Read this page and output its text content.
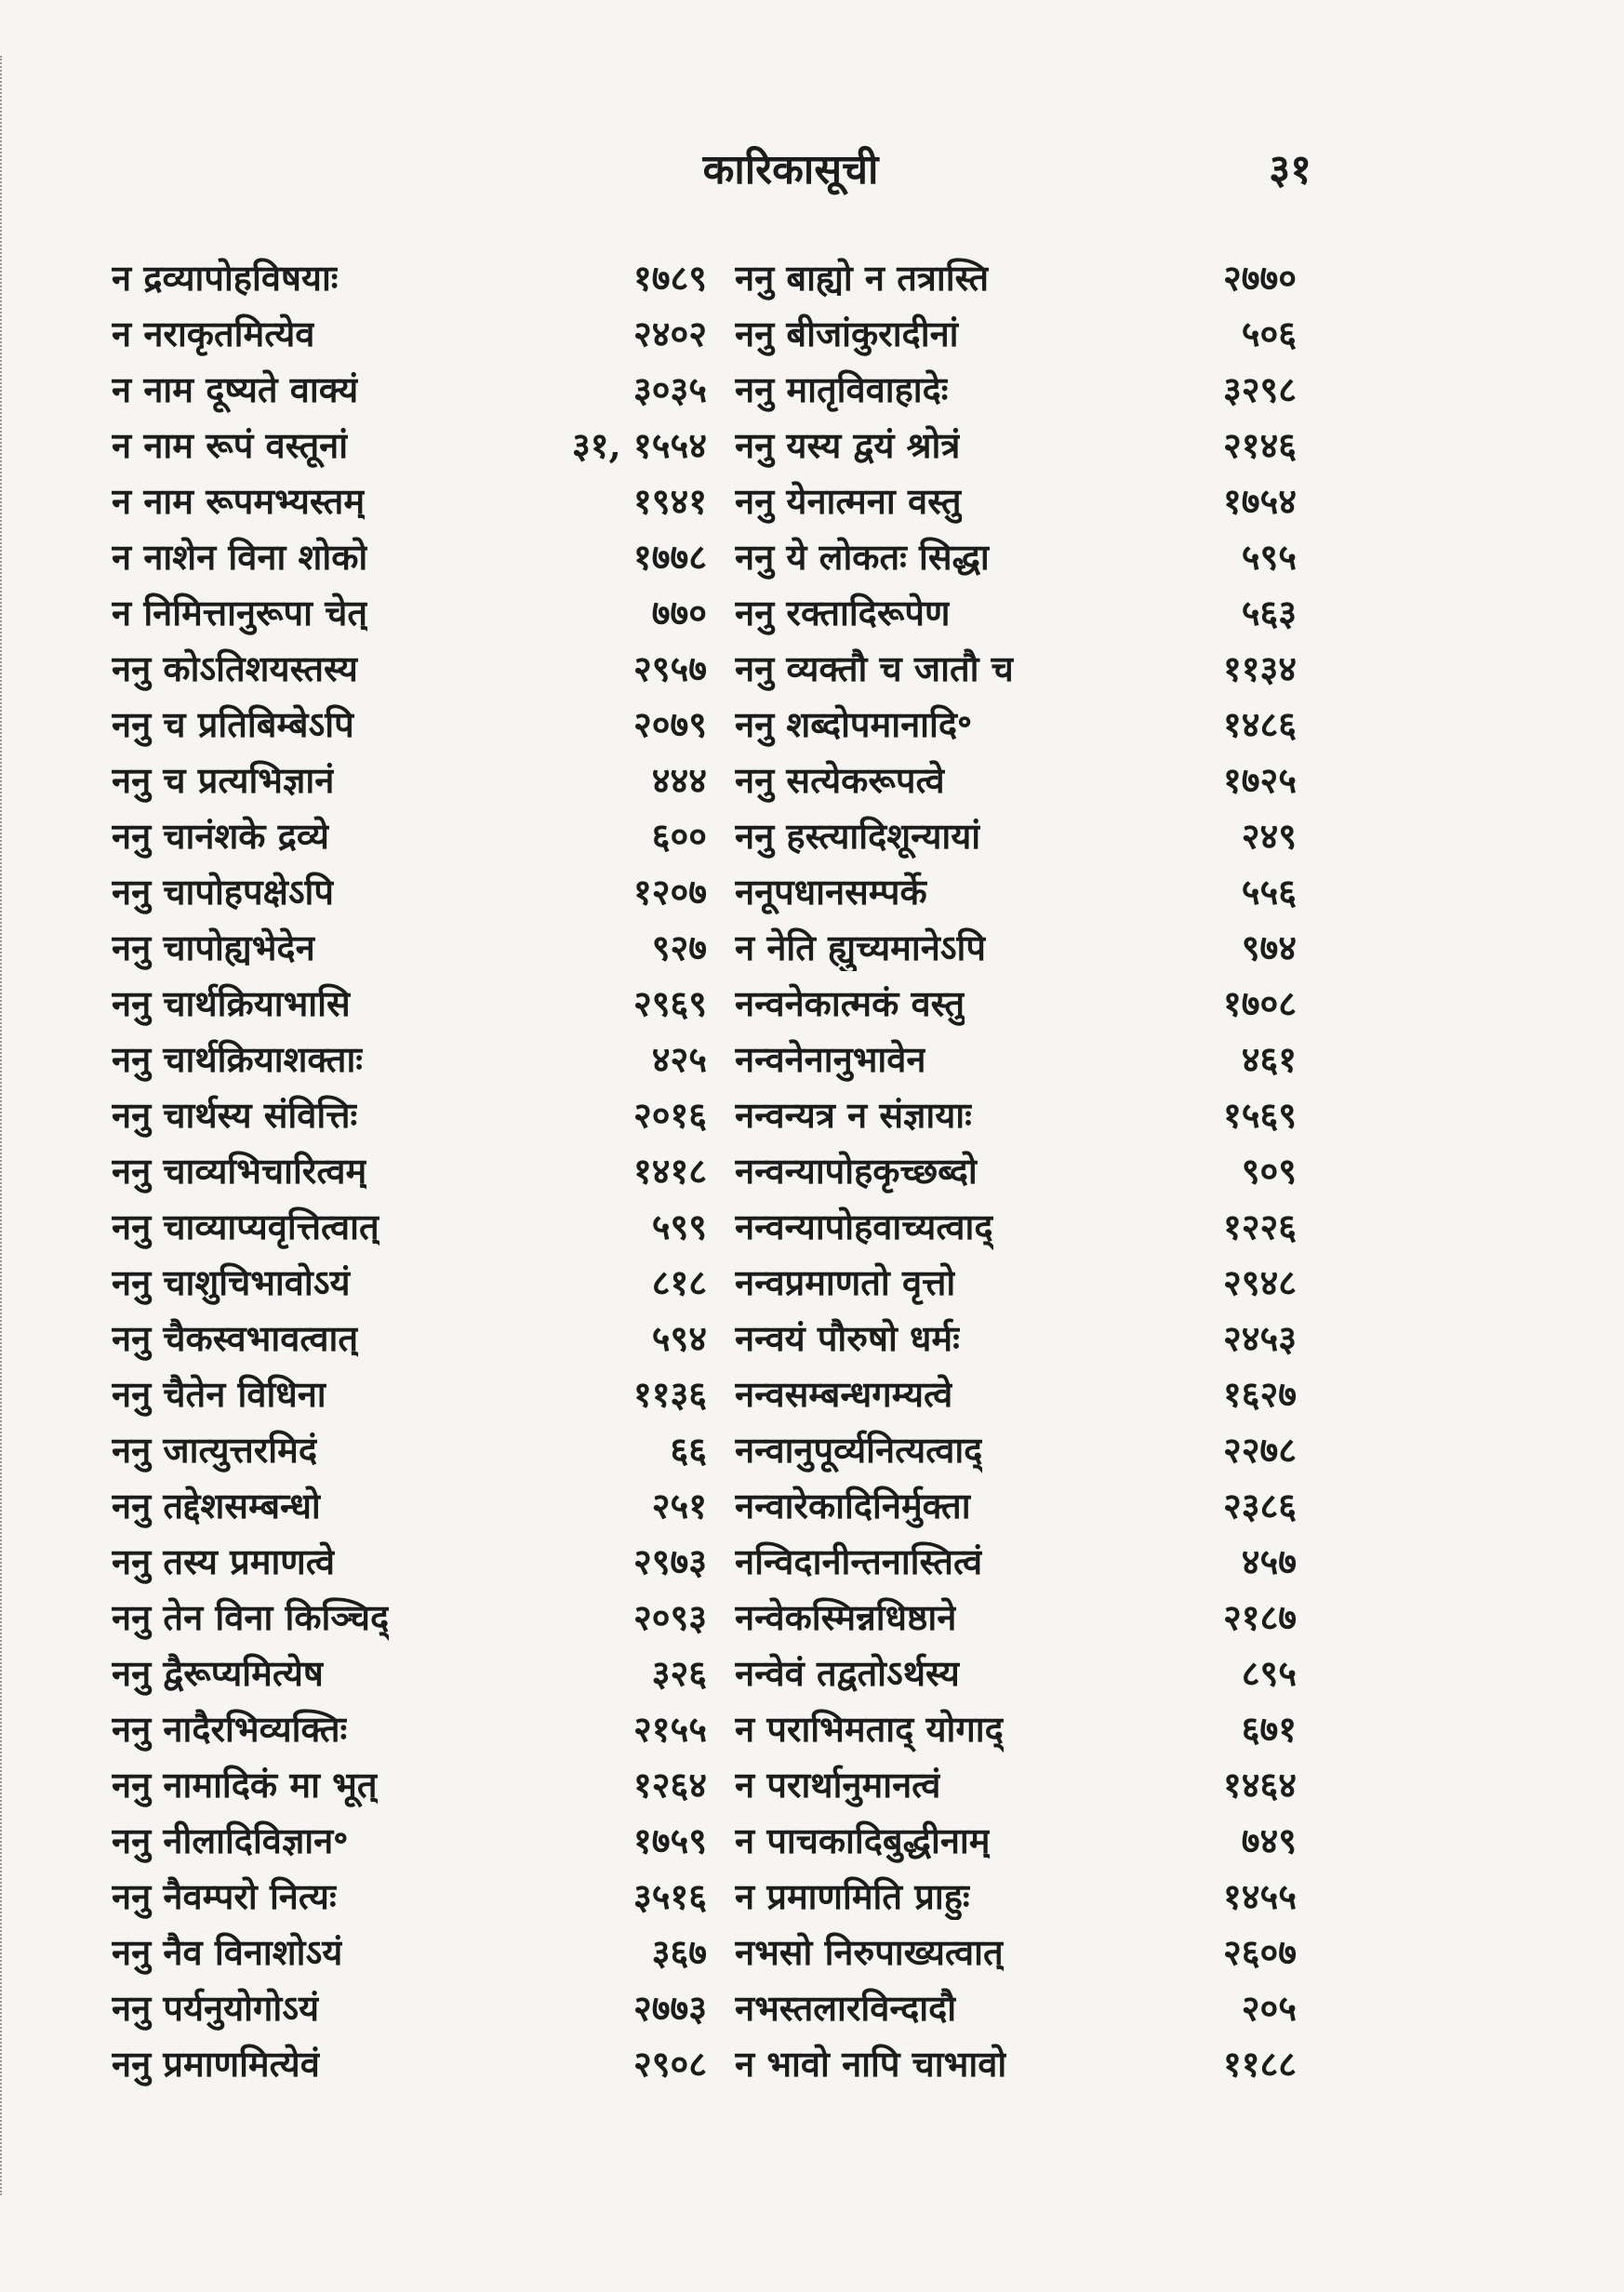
कारिकासूची	३१
न द्रव्यापोहविषयाः	१७८९
न नराकृतमित्येव	२४०२
न नाम दूष्यते वाक्यं	३०३५
न नाम रूपं वस्तूनां	३१, १५५४
न नाम रूपमभ्यस्तम्	१९४१
न नाशेन विना शोको	१७७८
न निमित्तानुरूपा चेत्	७७०
ननु कोऽतिशयस्तस्य	२९५७
ननु च प्रतिबिम्बेऽपि	२०७९
ननु च प्रत्यभिज्ञानं	४४४
ननु चानंशके द्रव्ये	६००
ननु चापोहपक्षेऽपि	१२०७
ननु चापोह्यभेदेन	९२७
ननु चार्थक्रियाभासि	२९६९
ननु चार्थक्रियाशक्ताः	४२५
ननु चार्थस्य संवित्तिः	२०१६
ननु चाव्यभिचारित्वम्	१४१८
ननु चाव्याप्यवृत्तित्वात्	५९९
ननु चाशुचिभावोऽयं	८१८
ननु चैकस्वभावत्वात्	५९४
ननु चैतेन विधिना	११३६
ननु जात्युत्तरमिदं	६६
ननु तद्देशसम्बन्धो	२५१
ननु तस्य प्रमाणत्वे	२९७३
ननु तेन विना किञ्चिद्	२०९३
ननु द्वैरूप्यमित्येष	३२६
ननु नादैरभिव्यक्तिः	२१५५
ननु नामादिकं मा भूत्	१२६४
ननु नीलादिविज्ञान॰	१७५९
ननु नैवम्परो नित्यः	३५१६
ननु नैव विनाशोऽयं	३६७
ननु पर्यनुयोगोऽयं	२७७३
ननु प्रमाणमित्येवं	२९०८
ननु बाह्यो न तत्रास्ति	२७७०
ननु बीजांकुरादीनां	५०६
ननु मातृविवाहादेः	३२९८
ननु यस्य द्वयं श्रोत्रं	२१४६
ननु येनात्मना वस्तु	१७५४
ननु ये लोकतः सिद्धा	५९५
ननु रक्तादिरूपेण	५६३
ननु व्यक्तौ च जातौ च	११३४
ननु शब्दोपमानादि॰	१४८६
ननु सत्येकरूपत्वे	१७२५
ननु हस्त्यादिशून्यायां	२४९
ननूपधानसम्पर्के	५५६
न नेति ह्युच्यमानेऽपि	९७४
नन्वनेकात्मकं वस्तु	१७०८
नन्वनेनानुभावेन	४६१
नन्वन्यत्र न संज्ञायाः	१५६९
नन्वन्यापोहकृच्छब्दो	९०९
नन्वन्यापोहवाच्यत्वाद्	१२२६
नन्वप्रमाणतो वृत्तो	२९४८
नन्वयं पौरुषो धर्मः	२४५३
नन्वसम्बन्धगम्यत्वे	१६२७
नन्वानुपूर्व्यनित्यत्वाद्	२२७८
नन्वारेकादिनिर्मुक्ता	२३८६
नन्विदानीन्तनास्तित्वं	४५७
नन्वेकस्मिन्नधिष्ठाने	२१८७
नन्वेवं तद्वतोऽर्थस्य	८९५
न पराभिमताद् योगाद्	६७१
न परार्थानुमानत्वं	१४६४
न पाचकादिबुद्धीनाम्	७४९
न प्रमाणमिति प्राहुः	१४५५
नभसो निरुपाख्यत्वात्	२६०७
नभस्तलारविन्दादौ	२०५
न भावो नापि चाभावो	११८८
